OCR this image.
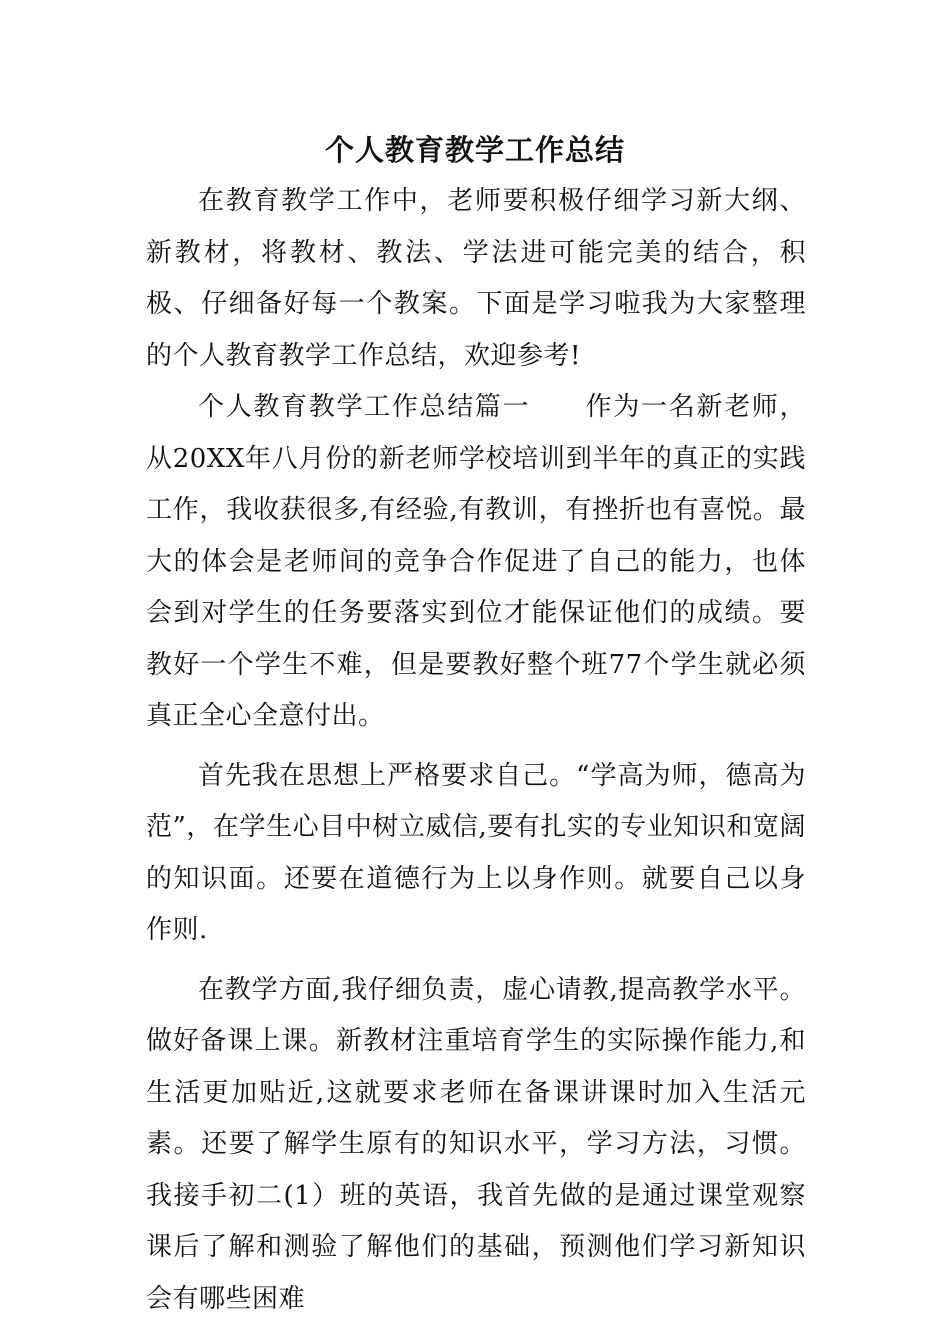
个人教育教学工作总结

在教育教学工作中，老师要积极仔细学习新大纲、新教材，将教材、教法、学法进可能完美的结合，积极、仔细备好每一个教案。下面是学习啦我为大家整理的个人教育教学工作总结，欢迎参考!

个人教育教学工作总结篇一　　作为一名新老师，从20XX年八月份的新老师学校培训到半年的真正的实践工作，我收获很多,有经验,有教训，有挫折也有喜悦。最大的体会是老师间的竞争合作促进了自己的能力，也体会到对学生的任务要落实到位才能保证他们的成绩。要教好一个学生不难，但是要教好整个班77个学生就必须真正全心全意付出。

首先我在思想上严格要求自己。“学高为师，德高为范”，在学生心目中树立威信,要有扎实的专业知识和宽阔的知识面。还要在道德行为上以身作则。就要自己以身作则.

在教学方面,我仔细负责，虚心请教,提高教学水平。做好备课上课。新教材注重培育学生的实际操作能力,和生活更加贴近,这就要求老师在备课讲课时加入生活元素。还要了解学生原有的知识水平，学习方法，习惯。我接手初二(1）班的英语，我首先做的是通过课堂观察课后了解和测验了解他们的基础，预测他们学习新知识会有哪些困难
